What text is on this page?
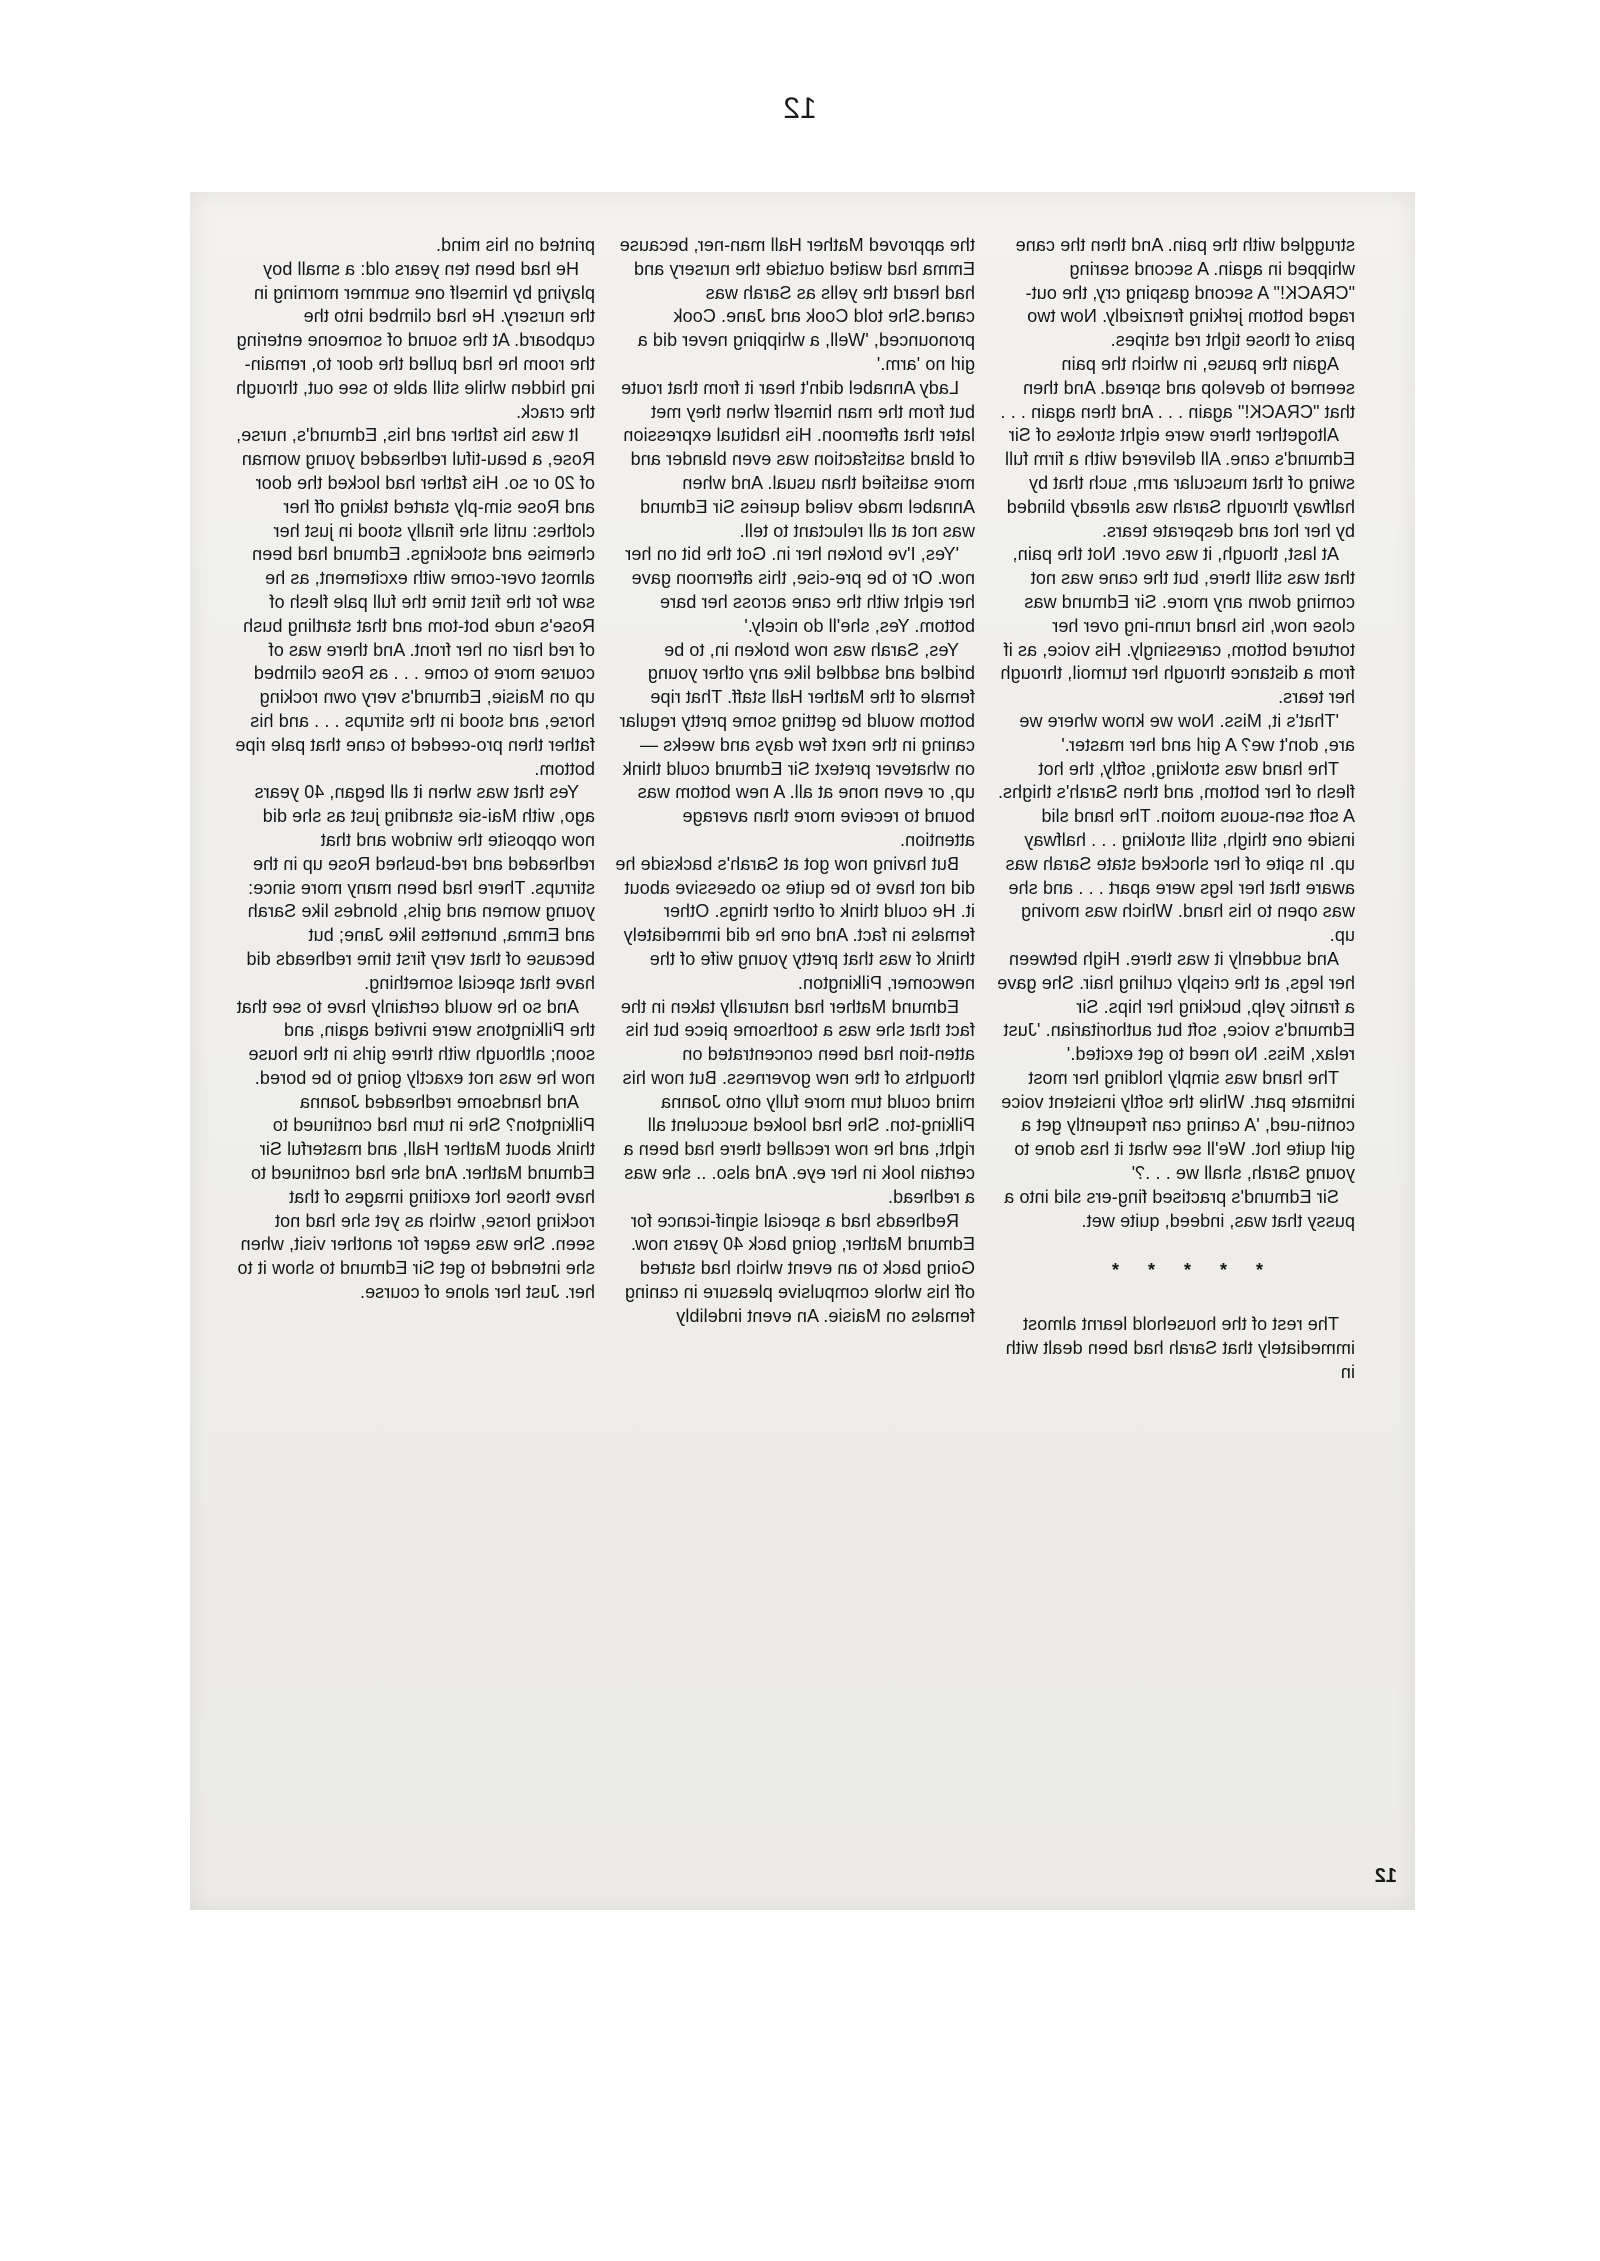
12

struggled with the pain. And then the cane whipped in again. A second searing "CRACK!" A second gasping cry, the out-raged bottom jerking frenziedly. Now two pairs of those tight red stripes.

Again the pause, in which the pain seemed to develop and spread. And then that "CRACK!" again . . . And then again . . .

Altogether there were eight strokes of Sir Edmund's cane. All delivered with a firm full swing of that muscular arm, such that by halfway through Sarah was already blinded by her hot and desperate tears.

At last, though, it was over. Not the pain, that was still there, but the cane was not coming down any more. Sir Edmund was close now, his hand runn-ing over her tortured bottom, caressingly. His voice, as if from a distance through her turmoil, through her tears.

'That's it, Miss. Now we know where we are, don't we? A girl and her master.'

The hand was stroking, softly, the hot flesh of her bottom, and then Sarah's thighs. A soft sen-suous motion. The hand slid inside one thigh, still stroking . . . halfway up. In spite of her shocked state Sarah was aware that her legs were apart . . . and she was open to his hand. Which was moving up.

And suddenly it was there. High between her legs, at the crisply curling hair. She gave a frantic yelp, bucking her hips. Sir Edmund's voice, soft but authoritarian. 'Just relax, Miss. No need to get excited.'

The hand was simply holding her most intimate part. While the softly insistent voice contin-ued, 'A caning can frequently get a girl quite hot. We'll see what it has done to young Sarah, shall we . . .?'

Sir Edmund's practised fing-ers slid into a pussy that was, indeed, quite wet.

* * * * *

The rest of the household learnt almost immediately that Sarah had been dealt with in

the approved Mather Hall man-ner, because Emma had waited outside the nursery and had heard the yells as Sarah was caned.She told Cook and Jane. Cook pronounced, 'Well, a whipping never did a girl no 'arm.'

Lady Annabel didn't hear it from that route but from the man himself when they met later that afternoon. His habitual expression of bland satisfaction was even blander and more satisfied than usual. And when Annabel made veiled queries Sir Edmund was not at all reluctant to tell.

'Yes, I've broken her in. Got the bit on her now. Or to be pre-cise, this afternoon gave her eight with the cane across her bare bottom. Yes, she'll do nicely.'

Yes, Sarah was now broken in, to be bridled and saddled like any other young female of the Mather Hall staff. That ripe bottom would be getting some pretty regular caning in the next few days and weeks — on whatever pretext Sir Edmund could think up, or even none at all. A new bottom was bound to receive more than average attention.

But having now got at Sarah's backside he did not have to be quite so obsessive about it. He could think of other things. Other females in fact. And one he did immediately think of was that pretty young wife of the newcomer, Pilkington.

Edmund Mather had naturally taken in the fact that she was a toothsome piece but his atten-tion had been concentrated on thoughts of the new governess. But now his mind could turn more fully onto Joanna Pilking-ton. She had looked succulent all right, and he now recalled there had been a certain look in her eye. And also. .. she was a redhead.

Redheads had a special signif-icance for Edmund Mather, going back 40 years now. Going back to an event which had started off his whole compulsive pleasure in caning females on Maisie. An event indelibly

printed on his mind.

He had been ten years old: a small boy playing by himself one summer morning in the nursery. He had climbed into the cupboard. At the sound of someone entering the room he had pulled the door to, remain-ing hidden while still able to see out, through the crack.

It was his father and his, Edmund's, nurse, Rose, a beau-tiful redheaded young woman of 20 or so. His father had locked the door and Rose sim-ply started taking off her clothes: until she finally stood in just her chemise and stockings. Edmund had been almost over-come with excitement, as he saw for the first time the full pale flesh of Rose's nude bot-tom and that startling bush of red hair on her front. And there was of course more to come . . . as Rose climbed up on Maisie, Edmund's very own rocking horse, and stood in the stirrups . . . and his father then pro-ceeded to cane that pale ripe bottom.

Yes that was when it all began, 40 years ago, with Mai-sie standing just as she did now opposite the window and that redheaded and red-bushed Rose up in the stirrups. There had been many more since: young women and girls, blondes like Sarah and Emma, brunettes like Jane; but because of that very first time redheads did have that special something.

And so he would certainly have to see that the Pilkingtons were invited again, and soon; although with three girls in the house now he was not exactly going to be bored.

And handsome redheaded Joanna Pilkington? She in turn had continued to think about Mather Hall, and masterful Sir Edmund Mather. And she had continued to have those hot exciting images of that rocking horse, which as yet she had not seen. She was eager for another visit, when she intended to get Sir Edmund to show it to her. Just her alone of course.

12
